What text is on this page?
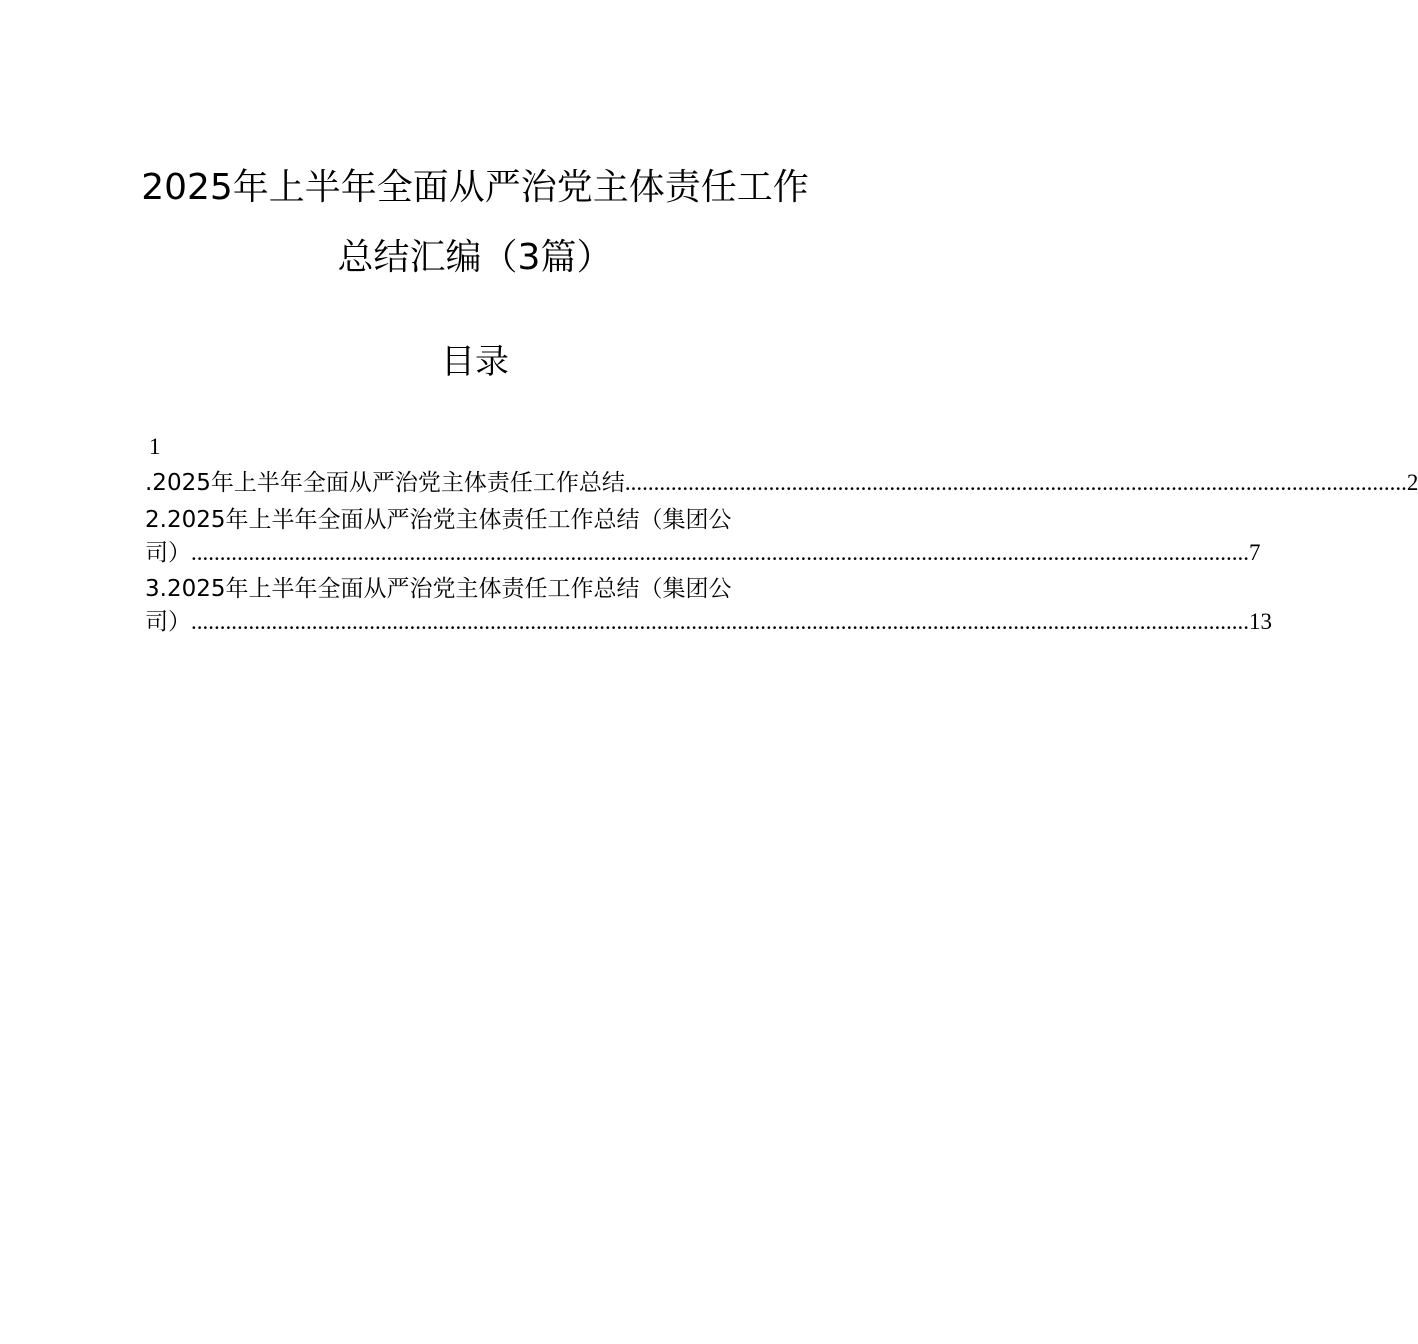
2025年上半年全面从严治党主体责任工作
总结汇编（3篇）
目录
1
.2025年上半年全面从严治党主体责任工作总结 ........................................................................................................................................ 2
2.2025年上半年全面从严治党主体责任工作总结（集团公
司） ........................................................................................................................................................................................ 7
3.2025年上半年全面从严治党主体责任工作总结（集团公
司） ........................................................................................................................................................................................ 13
